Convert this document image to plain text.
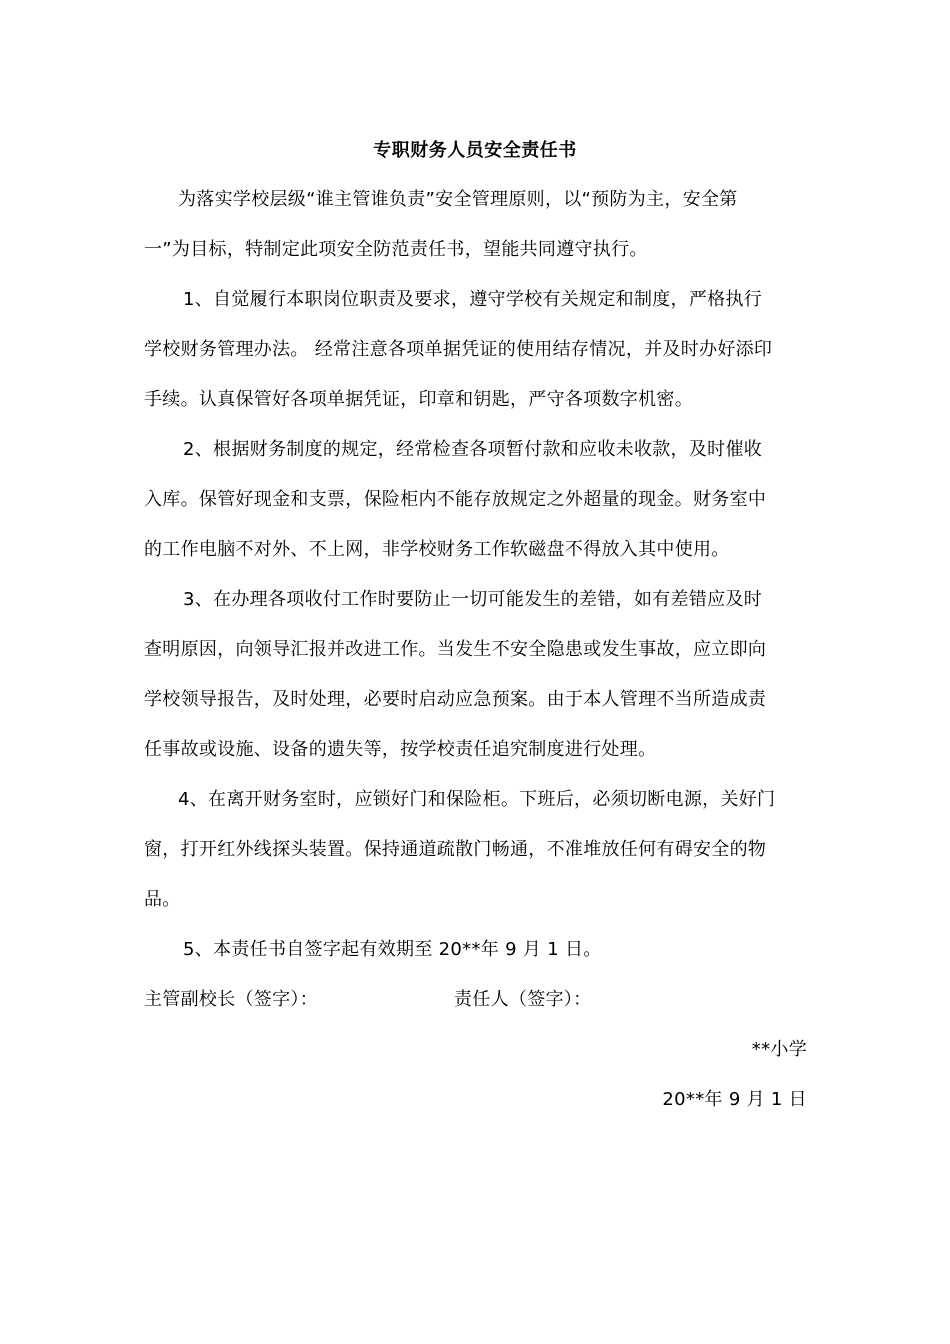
专职财务人员安全责任书
为落实学校层级“谁主管谁负责”安全管理原则，以“预防为主，安全第
一”为目标，特制定此项安全防范责任书，望能共同遵守执行。
1、自觉履行本职岗位职责及要求，遵守学校有关规定和制度，严格执行
学校财务管理办法。 经常注意各项单据凭证的使用结存情况，并及时办好添印
手续。认真保管好各项单据凭证，印章和钥匙，严守各项数字机密。
2、根据财务制度的规定，经常检查各项暂付款和应收未收款，及时催收
入库。保管好现金和支票，保险柜内不能存放规定之外超量的现金。财务室中
的工作电脑不对外、不上网，非学校财务工作软磁盘不得放入其中使用。
3、在办理各项收付工作时要防止一切可能发生的差错，如有差错应及时
查明原因，向领导汇报并改进工作。当发生不安全隐患或发生事故，应立即向
学校领导报告，及时处理，必要时启动应急预案。由于本人管理不当所造成责
任事故或设施、设备的遗失等，按学校责任追究制度进行处理。
4、在离开财务室时，应锁好门和保险柜。下班后，必须切断电源，关好门
窗，打开红外线探头装置。保持通道疏散门畅通，不准堆放任何有碍安全的物
品。
5、本责任书自签字起有效期至 20**年 9 月 1 日。
主管副校长（签字）：	责任人（签字）：
**小学
20**年 9 月 1 日
